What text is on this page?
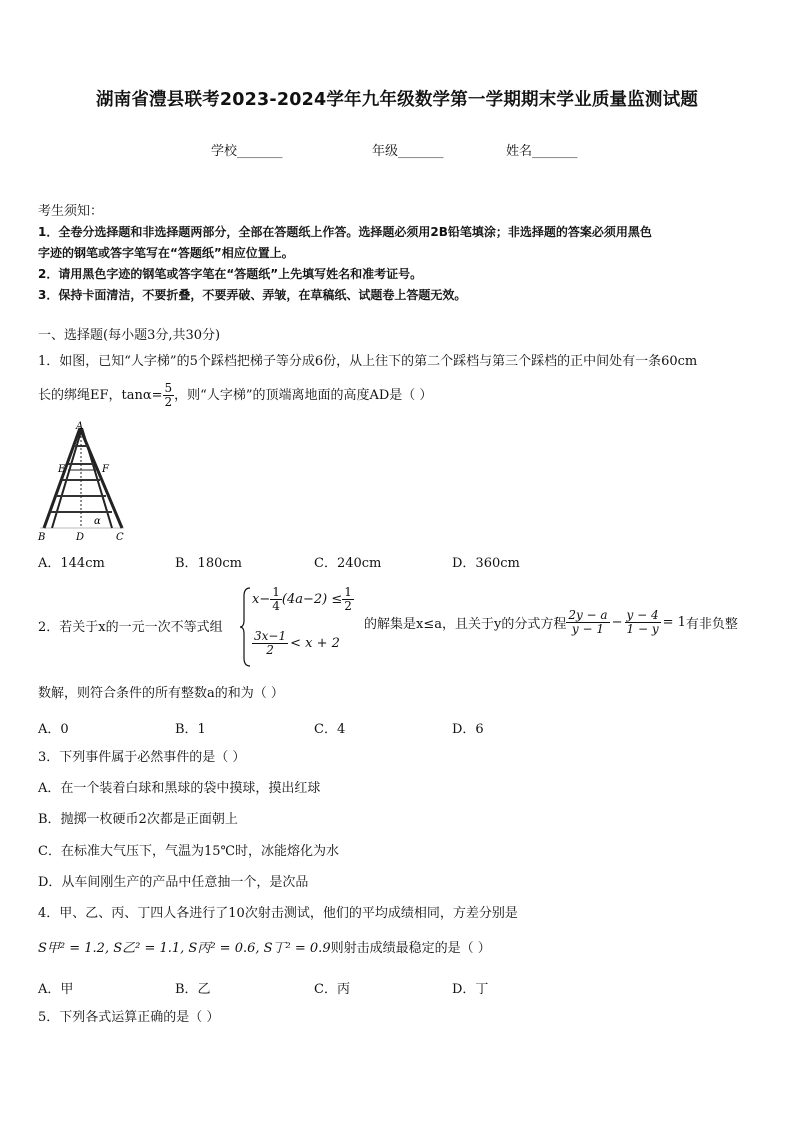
湖南省澧县联考2023-2024学年九年级数学第一学期期末学业质量监测试题
学校_______	年级_______	姓名_______
考生须知：
1．全卷分选择题和非选择题两部分，全部在答题纸上作答。选择题必须用2B铅笔填涂；非选择题的答案必须用黑色
字迹的钢笔或答字笔写在“答题纸”相应位置上。
2．请用黑色字迹的钢笔或答字笔在“答题纸”上先填写姓名和准考证号。
3．保持卡面清洁，不要折叠，不要弄破、弄皱，在草稿纸、试题卷上答题无效。
一、选择题(每小题3分,共30分)
1．如图，已知“人字梯”的5个踩档把梯子等分成6份，从上往下的第二个踩档与第三个踩档的正中间处有一条60cm
长的绑绳EF，$\tan\alpha= \frac{5}{2}$ ，则“人字梯”的顶端离地面的高度AD是（ ）
A
E	F
B	D	C
α
A．144cm	B．180cm	C．240cm	D．360cm
2．若关于x的一元一次不等式组
$x- \frac{1}{4} (4a-2) \le \frac{1}{2}$
$\frac{3x-1}{2} < x + 2$
的解集是x≤a，且关于y的分式方程 $\frac{2y - a}{y - 1} - \frac{y - 4}{1 - y} = 1$ 有非负整
数解，则符合条件的所有整数a的和为（ ）
A．0	B．1	C．4	D．6
3．下列事件属于必然事件的是（ ）
A．在一个装着白球和黑球的袋中摸球，摸出红球
B．抛掷一枚硬币2次都是正面朝上
C．在标准大气压下，气温为15℃时，冰能熔化为水
D．从车间刚生产的产品中任意抽一个，是次品
4．甲、乙、丙、丁四人各进行了10次射击测试，他们的平均成绩相同，方差分别是
S甲² = 1.2, S乙² = 1.1, S丙² = 0.6, S丁² = 0.9则射击成绩最稳定的是（ ）
A．甲	B．乙	C．丙	D．丁
5．下列各式运算正确的是（ ）
